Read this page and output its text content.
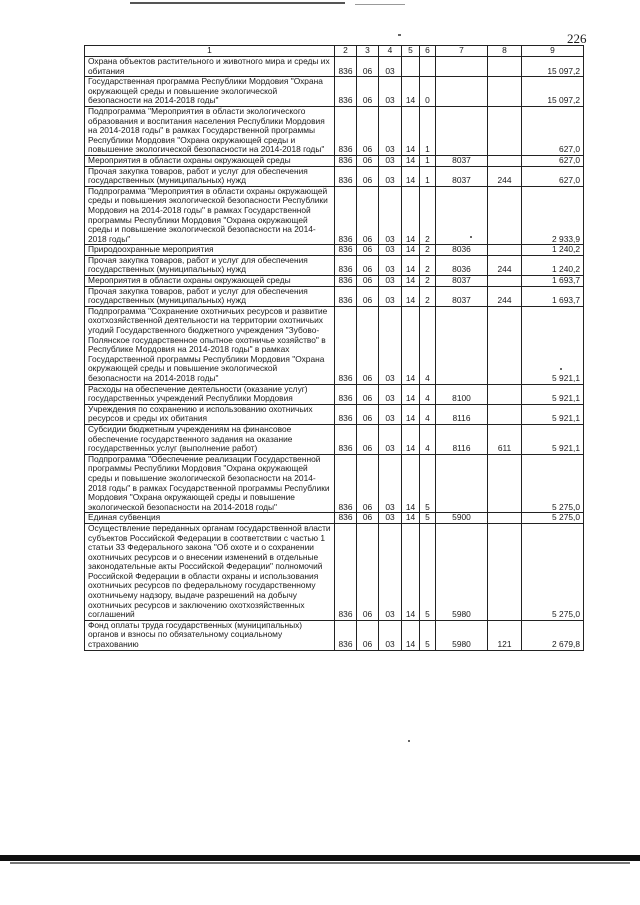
226
1	2	3	4	5	6	7	8	9
Охрана объектов растительного и животного мира и среды их обитания	836	06	03					15 097,2
Государственная программа Республики Мордовия "Охрана окружающей среды и повышение экологической безопасности на 2014-2018 годы"	836	06	03	14	0			15 097,2
Подпрограмма "Мероприятия в области экологического образования и воспитания населения Республики Мордовия на 2014-2018 годы" в рамках Государственной программы Республики Мордовия "Охрана окружающей среды и повышение экологической безопасности на 2014-2018 годы"	836	06	03	14	1			627,0
Мероприятия в области охраны окружающей среды	836	06	03	14	1	8037		627,0
Прочая закупка товаров, работ и услуг для обеспечения государственных (муниципальных) нужд	836	06	03	14	1	8037	244	627,0
Подпрограмма "Мероприятия в области охраны окружающей среды и повышения экологической безопасности Республики Мордовия на 2014-2018 годы" в рамках Государственной программы Республики Мордовия "Охрана окружающей среды и повышение экологической безопасности на 2014-2018 годы"	836	06	03	14	2			2 933,9
Природоохранные мероприятия	836	06	03	14	2	8036		1 240,2
Прочая закупка товаров, работ и услуг для обеспечения государственных (муниципальных) нужд	836	06	03	14	2	8036	244	1 240,2
Мероприятия в области охраны окружающей среды	836	06	03	14	2	8037		1 693,7
Прочая закупка товаров, работ и услуг для обеспечения государственных (муниципальных) нужд	836	06	03	14	2	8037	244	1 693,7
Подпрограмма "Сохранение охотничьих ресурсов и развитие охотхозяйственной деятельности на территории охотничьих угодий Государственного бюджетного учреждения "Зубово-Полянское государственное опытное охотничье хозяйство" в Республике Мордовия на 2014-2018 годы" в рамках Государственной программы Республики Мордовия "Охрана окружающей среды и повышение экологической безопасности на 2014-2018 годы"	836	06	03	14	4			5 921,1
Расходы на обеспечение деятельности (оказание услуг) государственных учреждений Республики Мордовия	836	06	03	14	4	8100		5 921,1
Учреждения по сохранению и использованию охотничьих ресурсов и среды их обитания	836	06	03	14	4	8116		5 921,1
Субсидии бюджетным учреждениям на финансовое обеспечение государственного задания на оказание государственных услуг (выполнение работ)	836	06	03	14	4	8116	611	5 921,1
Подпрограмма "Обеспечение реализации Государственной программы Республики Мордовия "Охрана окружающей среды и повышение экологической безопасности на 2014-2018 годы" в рамках Государственной программы Республики Мордовия "Охрана окружающей среды и повышение экологической безопасности на 2014-2018 годы"	836	06	03	14	5			5 275,0
Единая субвенция	836	06	03	14	5	5900		5 275,0
Осуществление переданных органам государственной власти субъектов Российской Федерации в соответствии с частью 1 статьи 33 Федерального закона "Об охоте и о сохранении охотничьих ресурсов и о внесении изменений в отдельные законодательные акты Российской Федерации" полномочий Российской Федерации в области охраны и использования охотничьих ресурсов по федеральному государственному охотничьему надзору, выдаче разрешений на добычу охотничьих ресурсов и заключению охотхозяйственных соглашений	836	06	03	14	5	5980		5 275,0
Фонд оплаты труда государственных (муниципальных) органов и взносы по обязательному социальному страхованию	836	06	03	14	5	5980	121	2 679,8
